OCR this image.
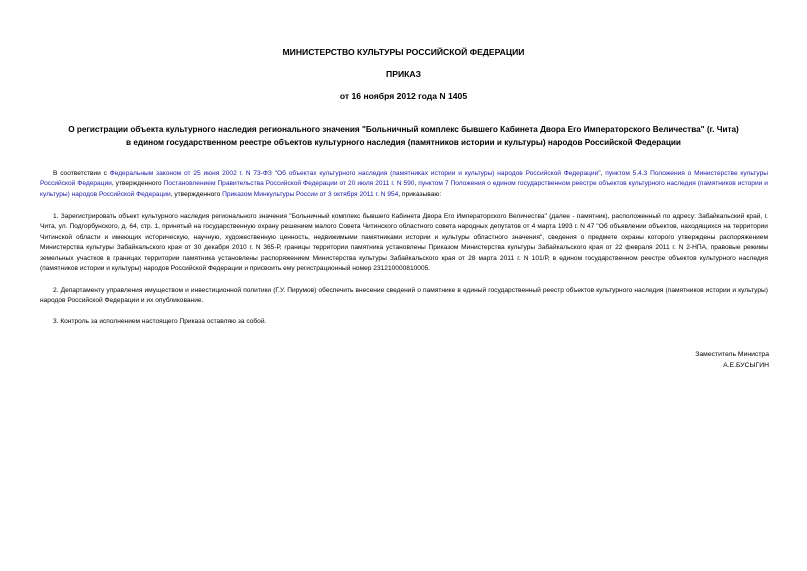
МИНИСТЕРСТВО КУЛЬТУРЫ РОССИЙСКОЙ ФЕДЕРАЦИИ
ПРИКАЗ
от 16 ноября 2012 года N 1405
О регистрации объекта культурного наследия регионального значения "Больничный комплекс бывшего Кабинета Двора Его Императорского Величества" (г. Чита)
в едином государственном реестре объектов культурного наследия (памятников истории и культуры) народов Российской Федерации

В соответствии с Федеральным законом от 25 июня 2002 г. N 73-ФЗ "Об объектах культурного наследия (памятниках истории и культуры) народов Российской Федерации", пунктом 5.4.3 Положения о Министерстве культуры Российской Федерации, утвержденного Постановлением Правительства Российской Федерации от 20 июля 2011 г. N 590, пунктом 7 Положения о едином государственном реестре объектов культурного наследия (памятников истории и культуры) народов Российской Федерации, утвержденного Приказом Минкультуры России от 3 октября 2011 г. N 954, приказываю:

1. Зарегистрировать объект культурного наследия регионального значения "Больничный комплекс бывшего Кабинета Двора Его Императорского Величества" (далее - памятник), расположенный по адресу: Забайкальский край, г. Чита, ул. Подгорбунского, д. 64, стр. 1, принятый на государственную охрану решением малого Совета Читинского областного совета народных депутатов от 4 марта 1993 г. N 47 "Об объявлении объектов, находящихся на территории Читинской области и имеющих историческую, научную, художественную ценность, недвижимыми памятниками истории и культуры областного значения", сведения о предмете охраны которого утверждены распоряжением Министерства культуры Забайкальского края от 30 декабря 2010 г. N 365-Р, границы территории памятника установлены Приказом Министерства культуры Забайкальского края от 22 февраля 2011 г. N 2-НПА, правовые режимы земельных участков в границах территории памятника установлены распоряжением Министерства культуры Забайкальского края от 28 марта 2011 г. N 101/Р, в едином государственном реестре объектов культурного наследия (памятников истории и культуры) народов Российской Федерации и присвоить ему регистрационный номер 231210000810005.

2. Департаменту управления имуществом и инвестиционной политики (Г.У. Пирумов) обеспечить внесение сведений о памятнике в единый государственный реестр объектов культурного наследия (памятников истории и культуры) народов Российской Федерации и их опубликование.

3. Контроль за исполнением настоящего Приказа оставляю за собой.

Заместитель Министра
А.Е.БУСЫГИН
